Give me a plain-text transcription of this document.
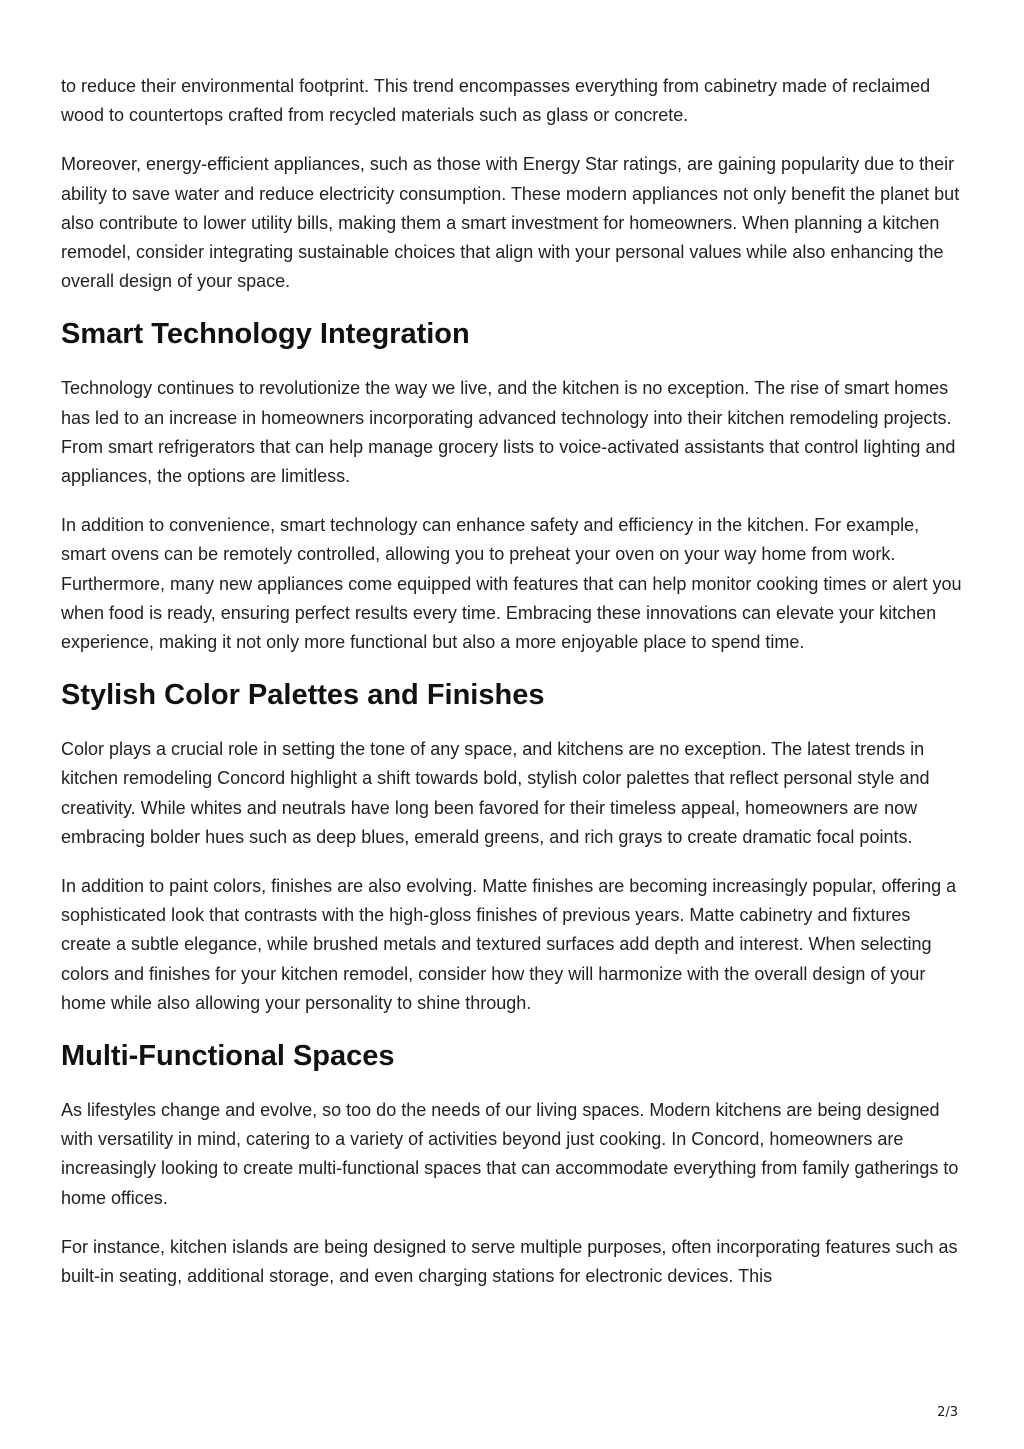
to reduce their environmental footprint. This trend encompasses everything from cabinetry made of reclaimed wood to countertops crafted from recycled materials such as glass or concrete.

Moreover, energy-efficient appliances, such as those with Energy Star ratings, are gaining popularity due to their ability to save water and reduce electricity consumption. These modern appliances not only benefit the planet but also contribute to lower utility bills, making them a smart investment for homeowners. When planning a kitchen remodel, consider integrating sustainable choices that align with your personal values while also enhancing the overall design of your space.

Smart Technology Integration

Technology continues to revolutionize the way we live, and the kitchen is no exception. The rise of smart homes has led to an increase in homeowners incorporating advanced technology into their kitchen remodeling projects. From smart refrigerators that can help manage grocery lists to voice-activated assistants that control lighting and appliances, the options are limitless.

In addition to convenience, smart technology can enhance safety and efficiency in the kitchen. For example, smart ovens can be remotely controlled, allowing you to preheat your oven on your way home from work. Furthermore, many new appliances come equipped with features that can help monitor cooking times or alert you when food is ready, ensuring perfect results every time. Embracing these innovations can elevate your kitchen experience, making it not only more functional but also a more enjoyable place to spend time.

Stylish Color Palettes and Finishes

Color plays a crucial role in setting the tone of any space, and kitchens are no exception. The latest trends in kitchen remodeling Concord highlight a shift towards bold, stylish color palettes that reflect personal style and creativity. While whites and neutrals have long been favored for their timeless appeal, homeowners are now embracing bolder hues such as deep blues, emerald greens, and rich grays to create dramatic focal points.

In addition to paint colors, finishes are also evolving. Matte finishes are becoming increasingly popular, offering a sophisticated look that contrasts with the high-gloss finishes of previous years. Matte cabinetry and fixtures create a subtle elegance, while brushed metals and textured surfaces add depth and interest. When selecting colors and finishes for your kitchen remodel, consider how they will harmonize with the overall design of your home while also allowing your personality to shine through.

Multi-Functional Spaces

As lifestyles change and evolve, so too do the needs of our living spaces. Modern kitchens are being designed with versatility in mind, catering to a variety of activities beyond just cooking. In Concord, homeowners are increasingly looking to create multi-functional spaces that can accommodate everything from family gatherings to home offices.

For instance, kitchen islands are being designed to serve multiple purposes, often incorporating features such as built-in seating, additional storage, and even charging stations for electronic devices. This

2/3
